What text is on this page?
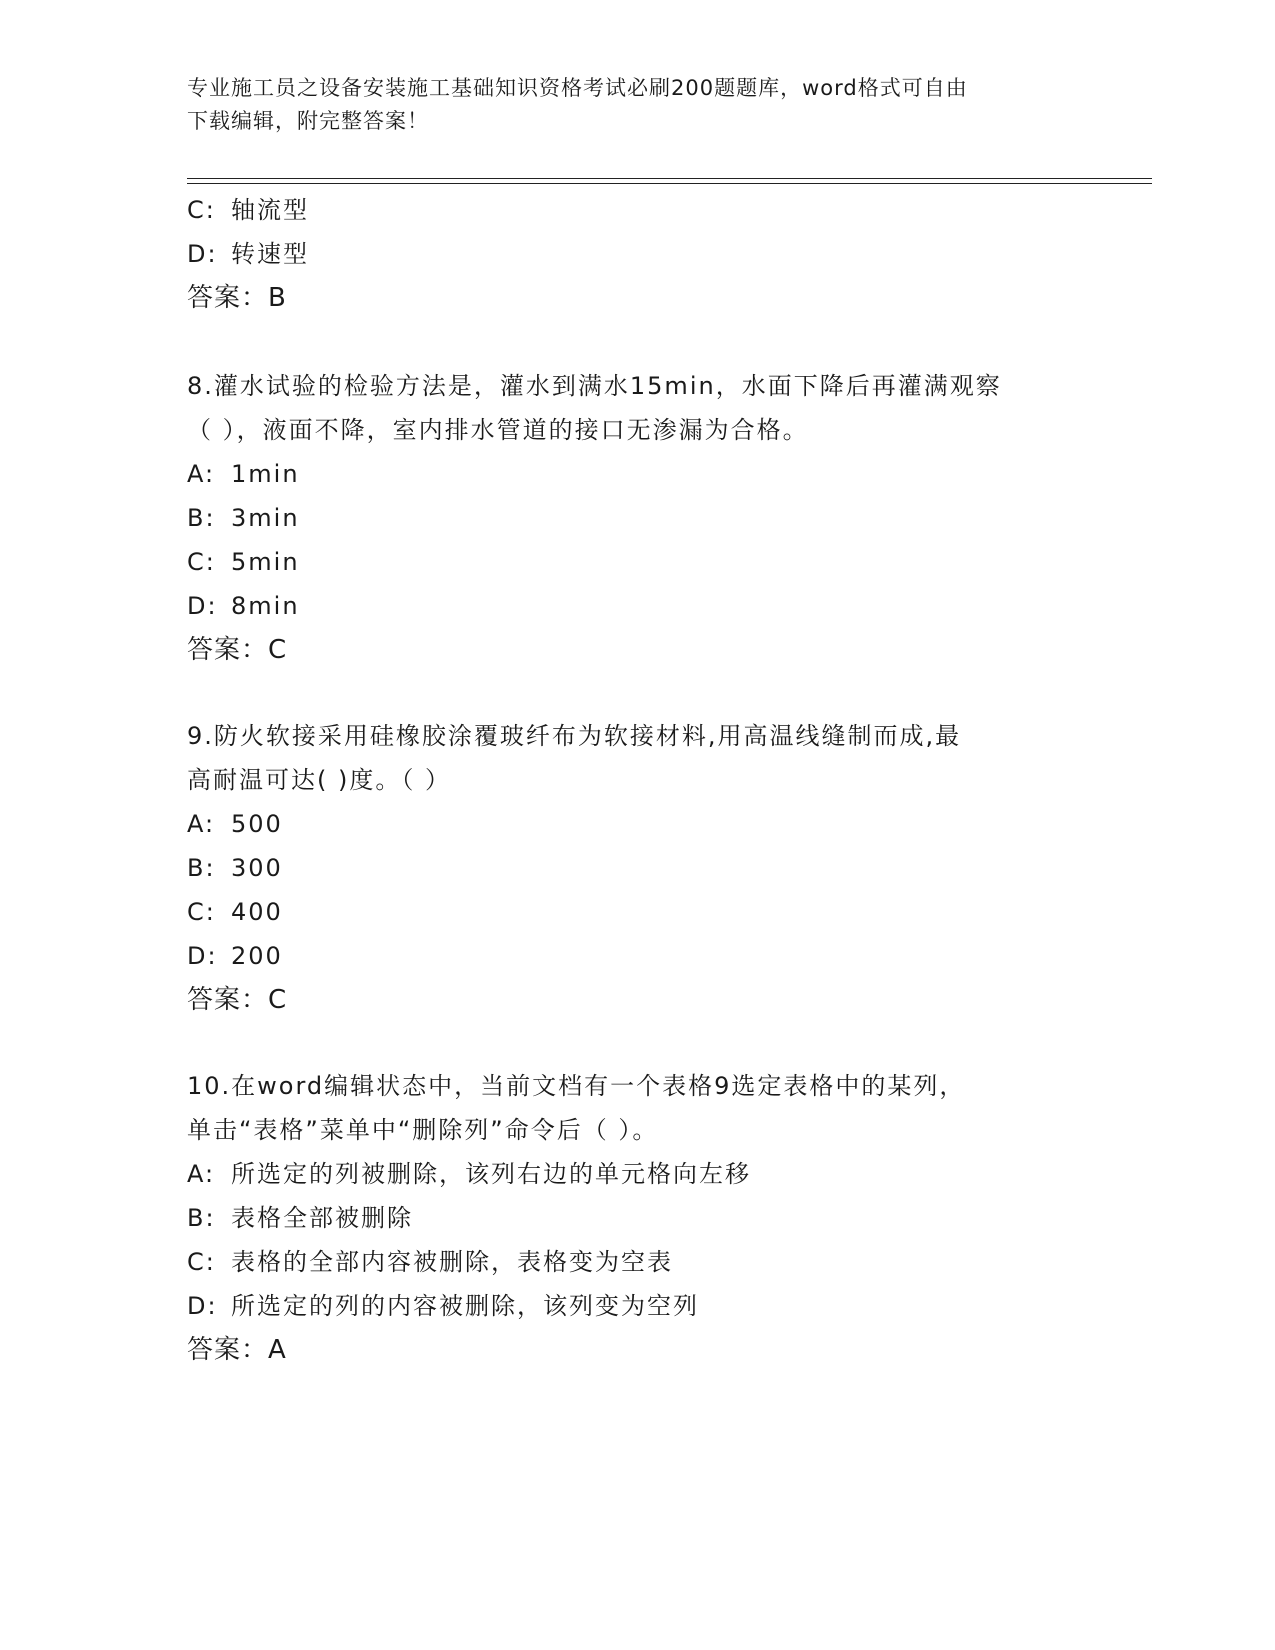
专业施工员之设备安装施工基础知识资格考试必刷200题题库，word格式可自由
下载编辑，附完整答案！
C: 轴流型
D: 转速型
答案：B
8.灌水试验的检验方法是，灌水到满水15min，水面下降后再灌满观察
（ ），液面不降，室内排水管道的接口无渗漏为合格。
A: 1min
B: 3min
C: 5min
D: 8min
答案：C
9.防火软接采用硅橡胶涂覆玻纤布为软接材料,用高温线缝制而成,最
高耐温可达( )度。（ ）
A: 500
B: 300
C: 400
D: 200
答案：C
10.在word编辑状态中，当前文档有一个表格9选定表格中的某列，
单击“表格”菜单中“删除列”命令后（ ）。
A: 所选定的列被删除，该列右边的单元格向左移
B: 表格全部被删除
C: 表格的全部内容被删除，表格变为空表
D: 所选定的列的内容被删除，该列变为空列
答案：A
